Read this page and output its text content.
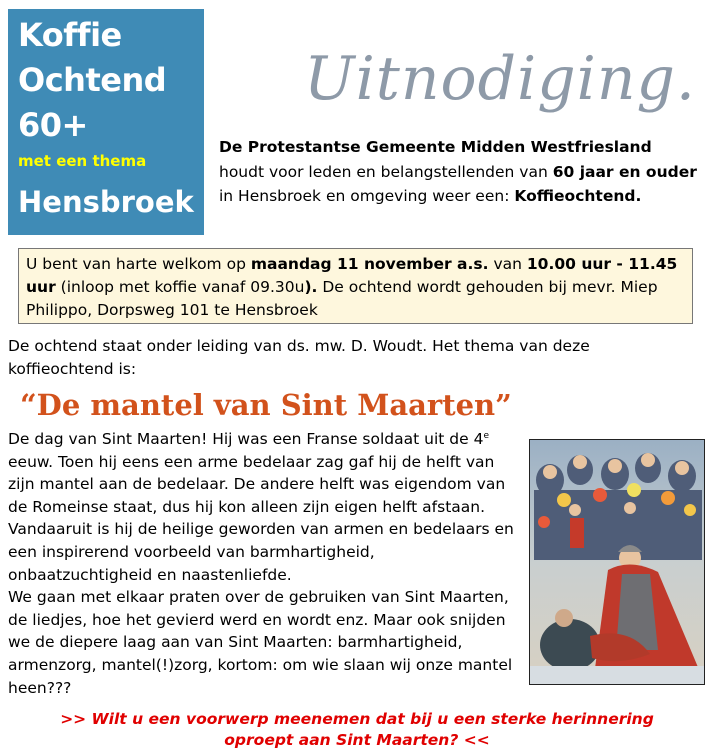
Koffie
Ochtend
60+
met een thema
Hensbroek
Uitnodiging.
De Protestantse Gemeente Midden Westfriesland houdt voor leden en belangstellenden van 60 jaar en ouder in Hensbroek en omgeving weer een: Koffieochtend.
U bent van harte welkom op maandag 11 november a.s. van 10.00 uur - 11.45 uur (inloop met koffie vanaf 09.30u). De ochtend wordt gehouden bij mevr. Miep Philippo, Dorpsweg 101 te Hensbroek
De ochtend staat onder leiding van ds. mw. D. Woudt. Het thema van deze koffieochtend is:
“De mantel van Sint Maarten”
De dag van Sint Maarten! Hij was een Franse soldaat uit de 4e eeuw. Toen hij eens een arme bedelaar zag gaf hij de helft van zijn mantel aan de bedelaar. De andere helft was eigendom van de Romeinse staat, dus hij kon alleen zijn eigen helft afstaan. Vandaaruit is hij de heilige geworden van armen en bedelaars en een inspirerend voorbeeld van barmhartigheid, onbaatzuchtigheid en naastenliefde.
We gaan met elkaar praten over de gebruiken van Sint Maarten, de liedjes, hoe het gevierd werd en wordt enz. Maar ook snijden we de diepere laag aan van Sint Maarten: barmhartigheid, armenzorg, mantel(!)zorg, kortom: om wie slaan wij onze mantel heen???
>> Wilt u een voorwerp meenemen dat bij u een sterke herinnering
oproept aan Sint Maarten? <<
